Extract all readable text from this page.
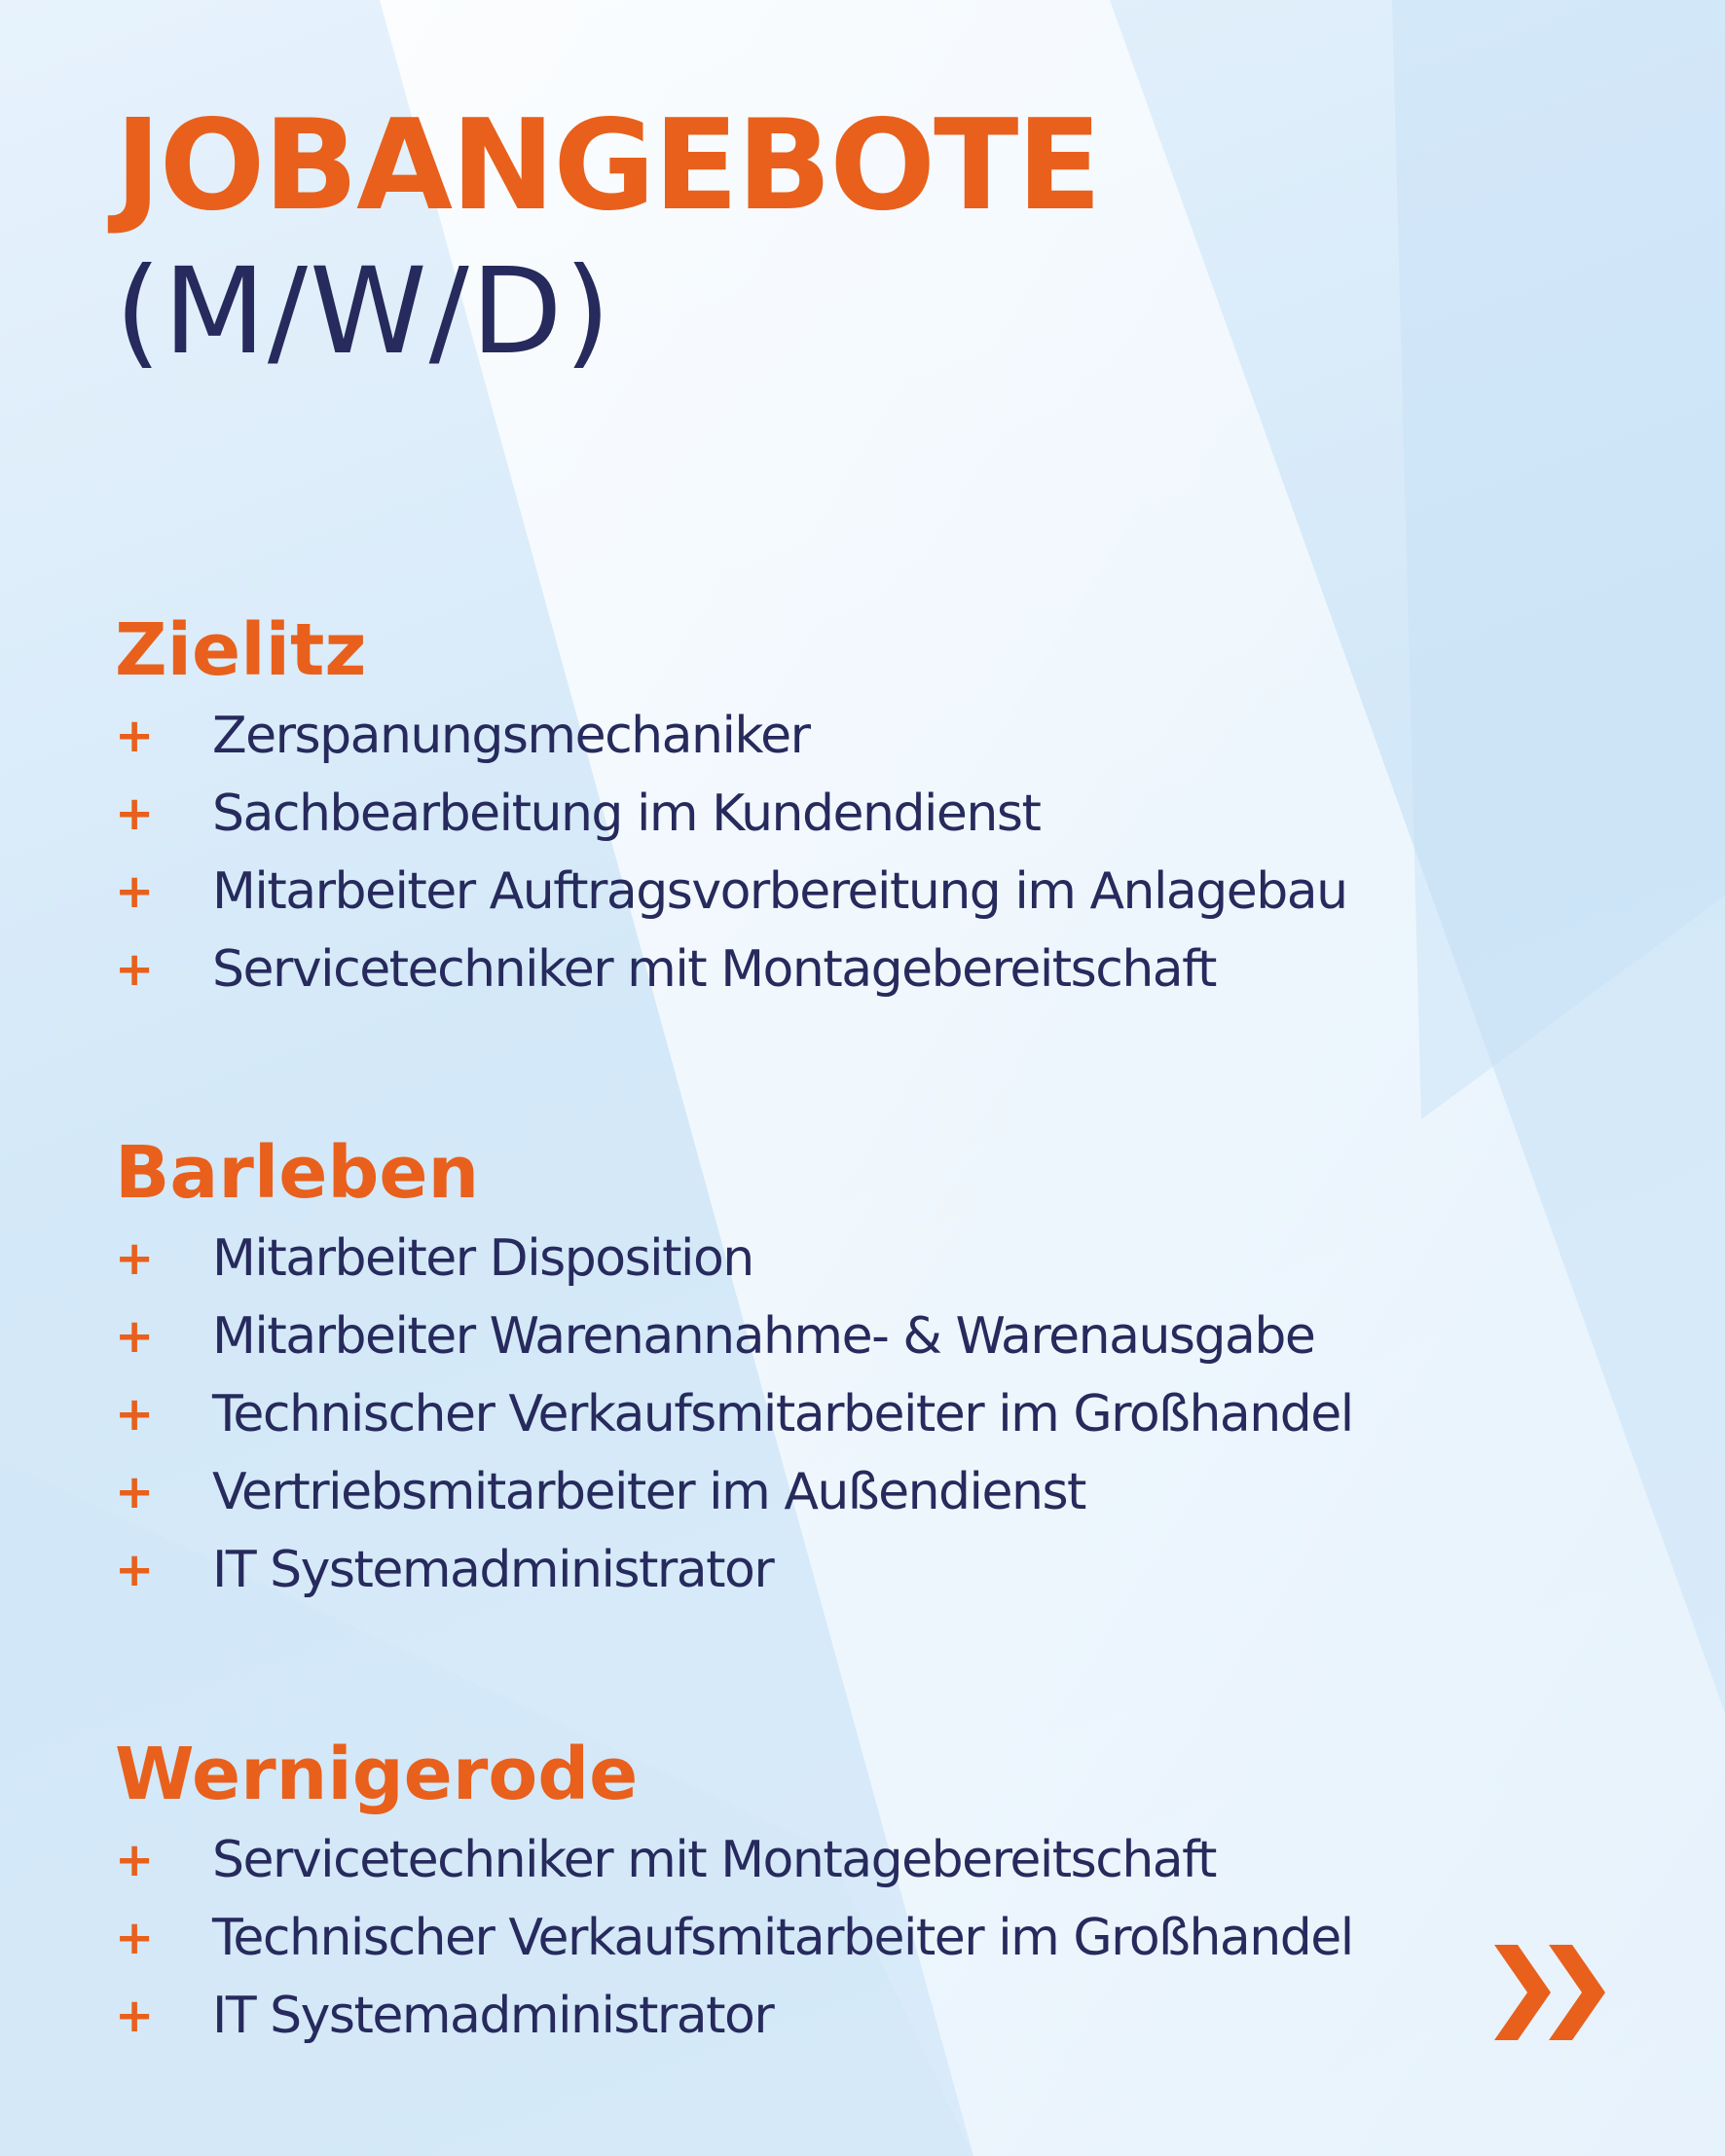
JOBANGEBOTE
(M/W/D)
Zielitz
+ Zerspanungsmechaniker
+ Sachbearbeitung im Kundendienst
+ Mitarbeiter Auftragsvorbereitung im Anlagebau
+ Servicetechniker mit Montagebereitschaft
Barleben
+ Mitarbeiter Disposition
+ Mitarbeiter Warenannahme- & Warenausgabe
+ Technischer Verkaufsmitarbeiter im Großhandel
+ Vertriebsmitarbeiter im Außendienst
+ IT Systemadministrator
Wernigerode
+ Servicetechniker mit Montagebereitschaft
+ Technischer Verkaufsmitarbeiter im Großhandel
+ IT Systemadministrator
